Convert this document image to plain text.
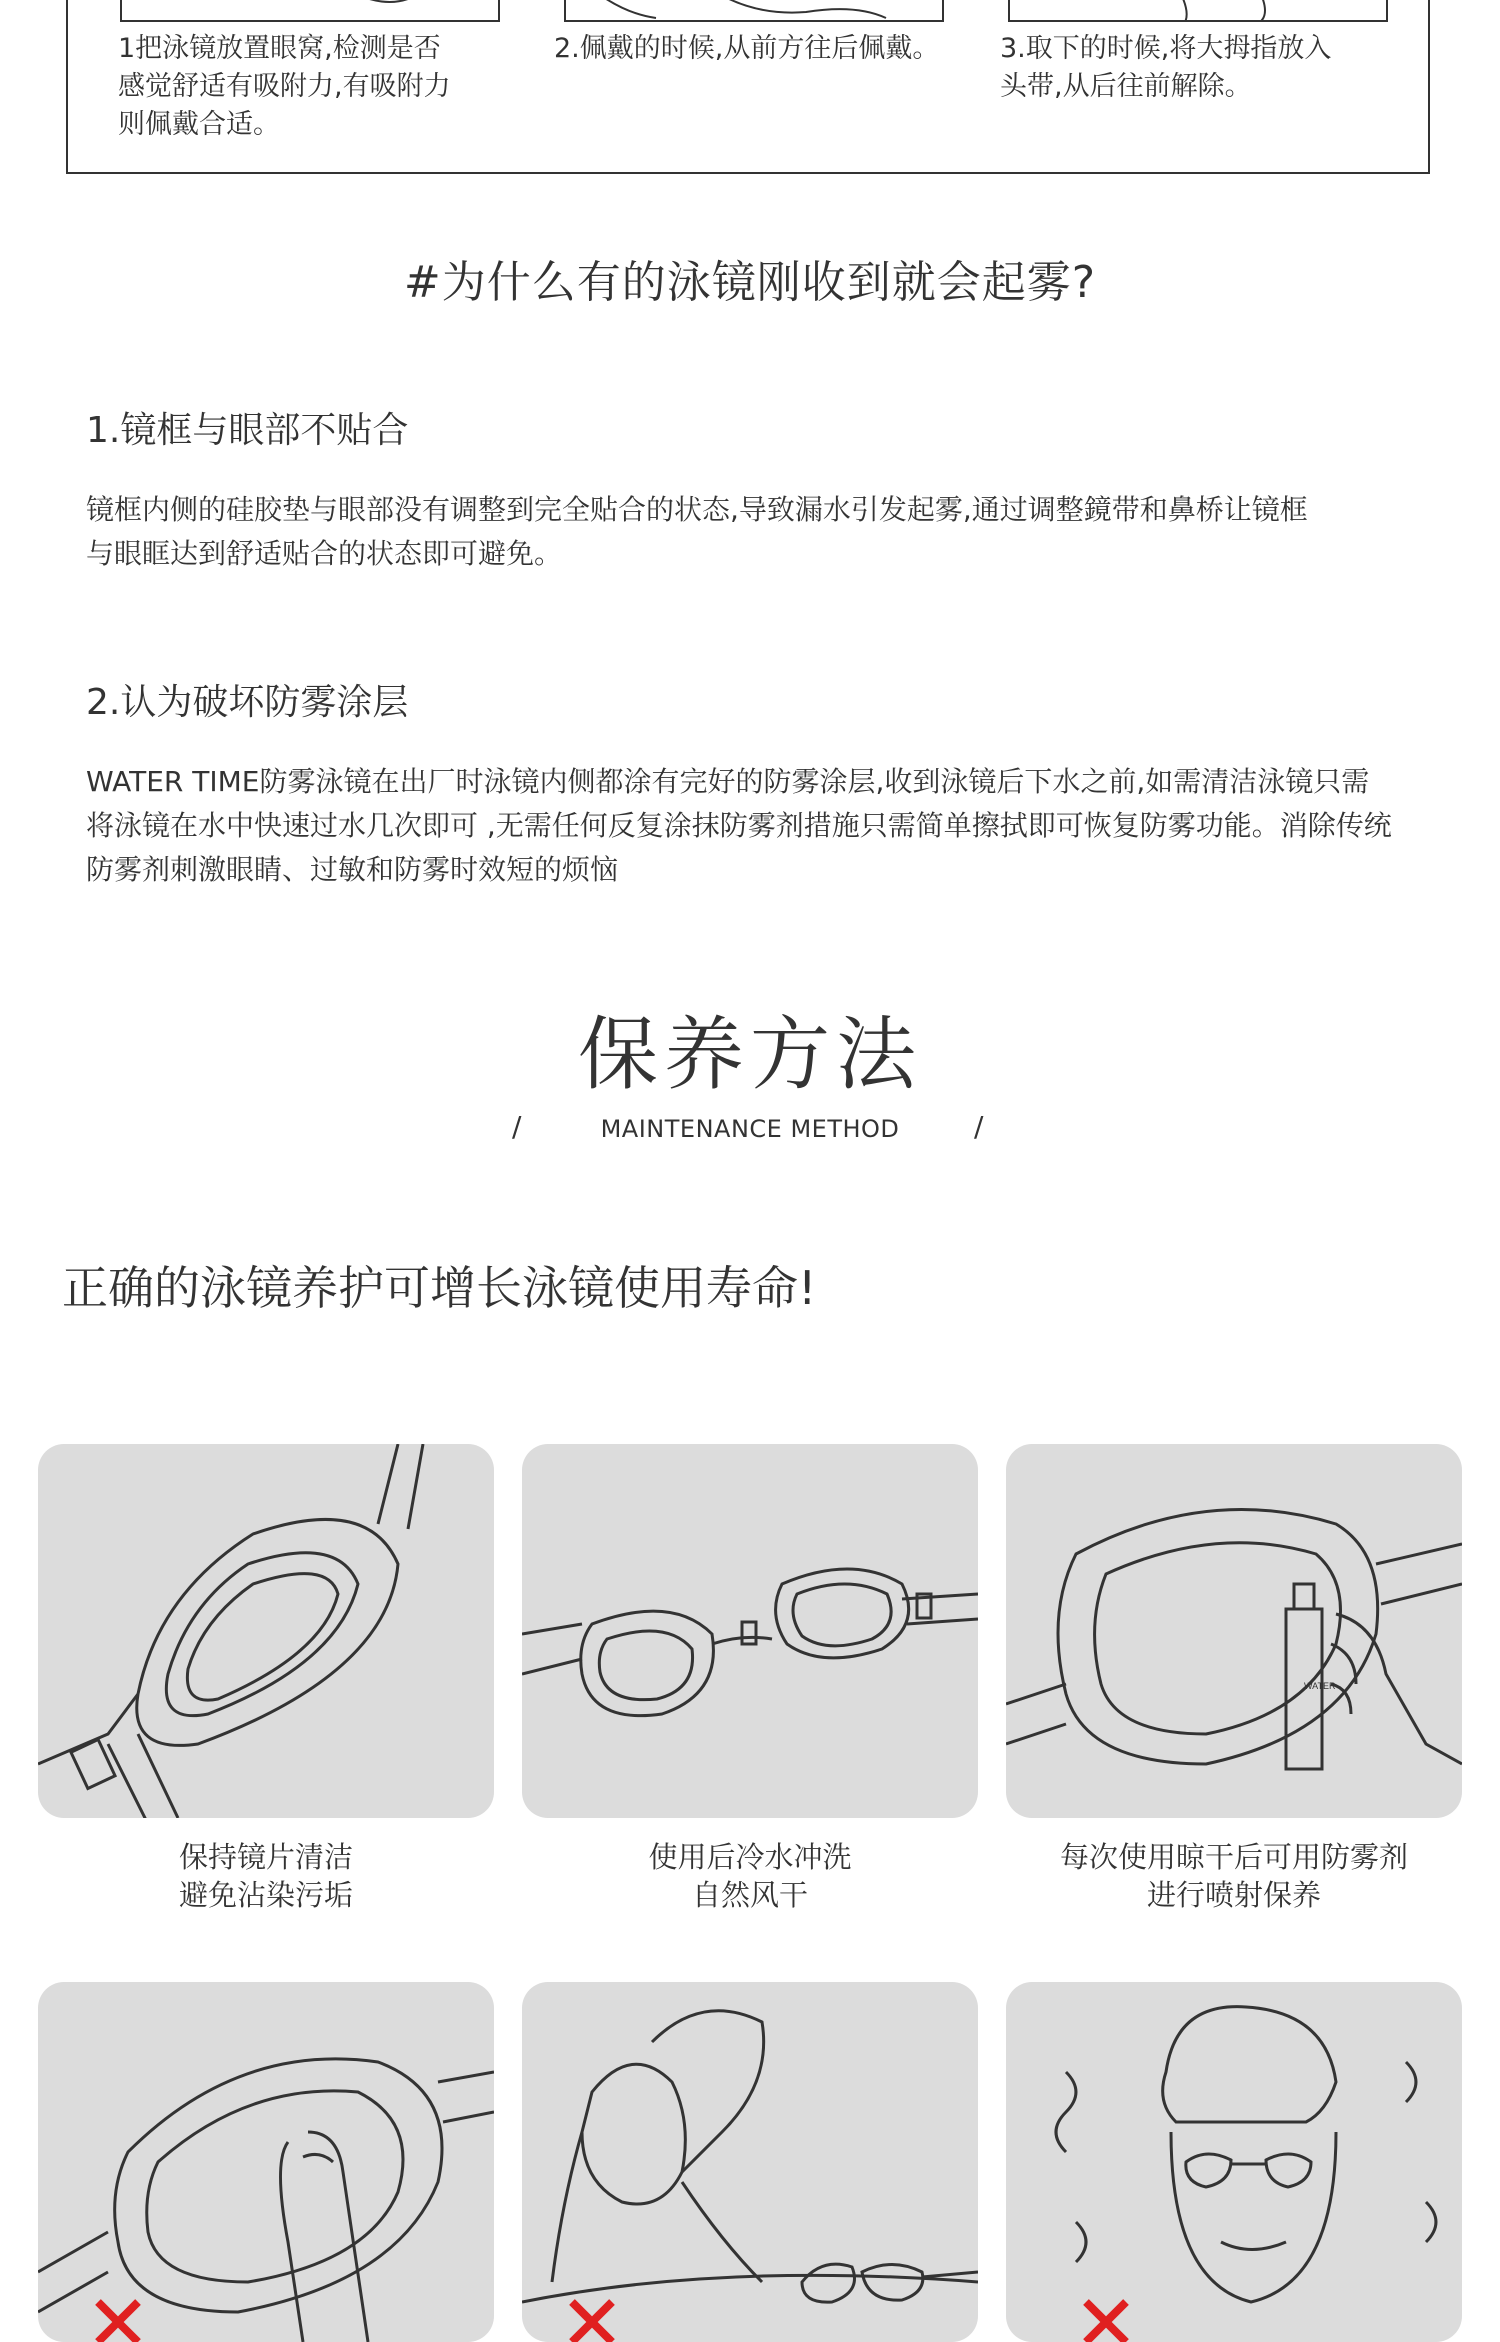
1把泳镜放置眼窝,检测是否
感觉舒适有吸附力,有吸附力
则佩戴合适。
2.佩戴的时候,从前方往后佩戴。	3.取下的时候,将大拇指放入
头带,从后往前解除。
#为什么有的泳镜刚收到就会起雾?
1.镜框与眼部不贴合
镜框内侧的硅胶垫与眼部没有调整到完全贴合的状态,导致漏水引发起雾,通过调整鏡带和鼻桥让镜框
与眼眶达到舒适贴合的状态即可避免。
2.认为破坏防雾涂层
WATER TIME防雾泳镜在出厂时泳镜内侧都涂有完好的防雾涂层,收到泳镜后下水之前,如需清洁泳镜只需
将泳镜在水中快速过水几次即可 ,无需任何反复涂抹防雾剂措施只需简单擦拭即可恢复防雾功能。消除传统
防雾剂刺激眼睛、过敏和防雾时效短的烦恼
保养方法
/	MAINTENANCE METHOD	/
正确的泳镜养护可增长泳镜使用寿命!
WATER
保持镜片清洁
避免沾染污垢
使用后冷水冲洗
自然风干
每次使用晾干后可用防雾剂
进行喷射保养
